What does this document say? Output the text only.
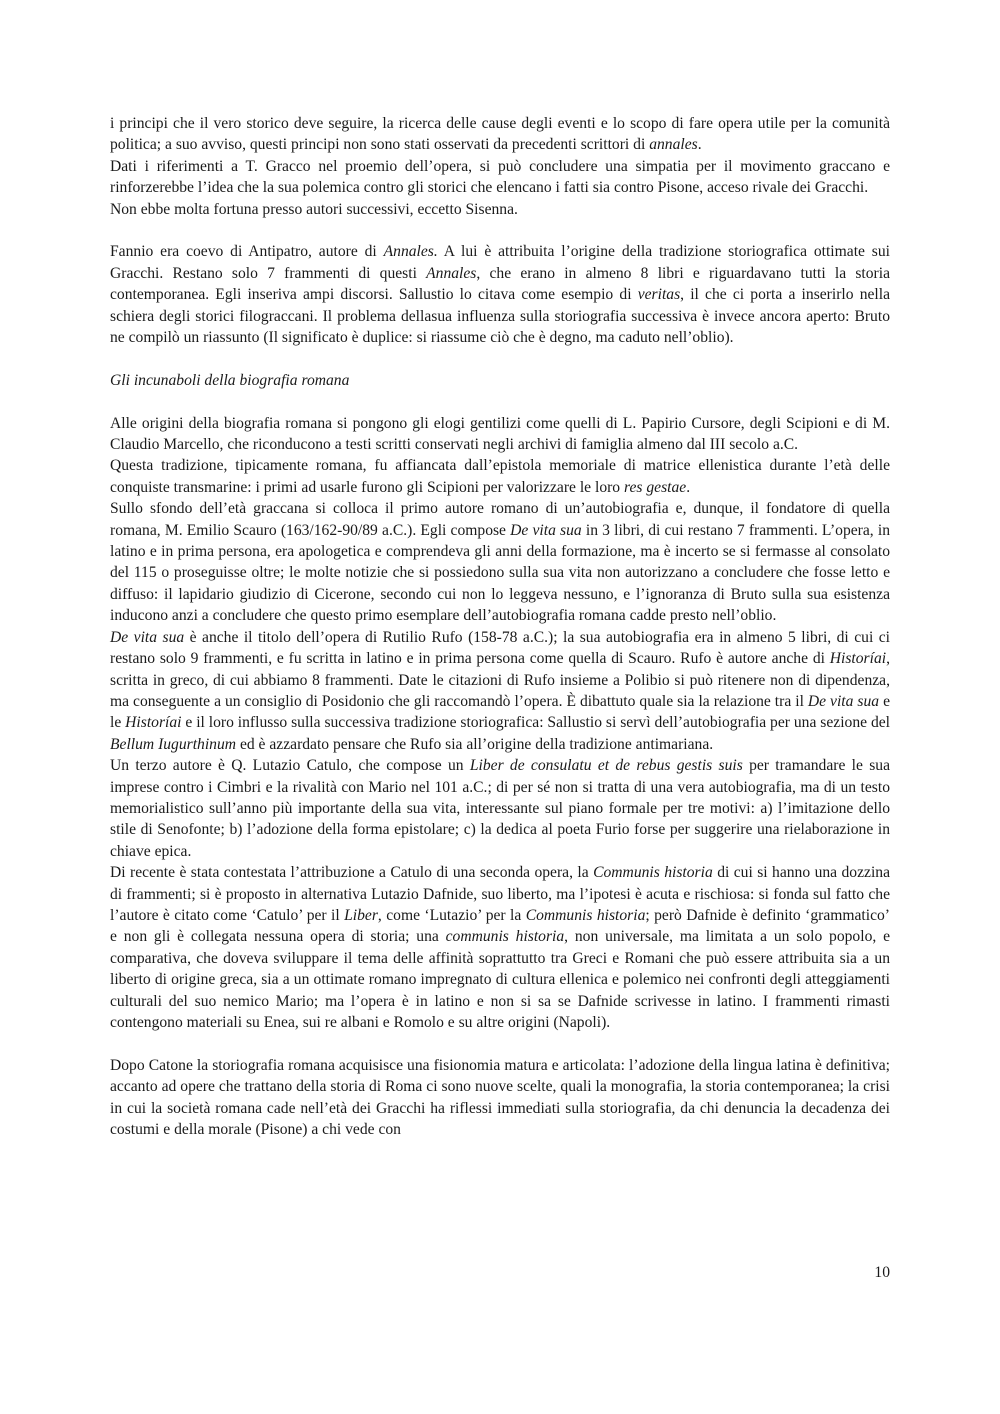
i principi che il vero storico deve seguire, la ricerca delle cause degli eventi e lo scopo di fare opera utile per la comunità politica; a suo avviso, questi principi non sono stati osservati da precedenti scrittori di annales.

Dati i riferimenti a T. Gracco nel proemio dell’opera, si può concludere una simpatia per il movimento graccano e rinforzerebbe l’idea che la sua polemica contro gli storici che elencano i fatti sia contro Pisone, acceso rivale dei Gracchi.

Non ebbe molta fortuna presso autori successivi, eccetto Sisenna.

Fannio era coevo di Antipatro, autore di Annales. A lui è attribuita l’origine della tradizione storiografica ottimate sui Gracchi. Restano solo 7 frammenti di questi Annales, che erano in almeno 8 libri e riguardavano tutti la storia contemporanea. Egli inseriva ampi discorsi. Sallustio lo citava come esempio di veritas, il che ci porta a inserirlo nella schiera degli storici filograccani. Il problema dellasua influenza sulla storiografia successiva è invece ancora aperto: Bruto ne compilò un riassunto (Il significato è duplice: si riassume ciò che è degno, ma caduto nell’oblio).

Gli incunaboli della biografia romana

Alle origini della biografia romana si pongono gli elogi gentilizi come quelli di L. Papirio Cursore, degli Scipioni e di M. Claudio Marcello, che riconducono a testi scritti conservati negli archivi di famiglia almeno dal III secolo a.C.

Questa tradizione, tipicamente romana, fu affiancata dall’epistola memoriale di matrice ellenistica durante l’età delle conquiste transmarine: i primi ad usarle furono gli Scipioni per valorizzare le loro res gestae.

Sullo sfondo dell’età graccana si colloca il primo autore romano di un’autobiografia e, dunque, il fondatore di quella romana, M. Emilio Scauro (163/162-90/89 a.C.). Egli compose De vita sua in 3 libri, di cui restano 7 frammenti. L’opera, in latino e in prima persona, era apologetica e comprendeva gli anni della formazione, ma è incerto se si fermasse al consolato del 115 o proseguisse oltre; le molte notizie che si possiedono sulla sua vita non autorizzano a concludere che fosse letto e diffuso: il lapidario giudizio di Cicerone, secondo cui non lo leggeva nessuno, e l’ignoranza di Bruto sulla sua esistenza inducono anzi a concludere che questo primo esemplare dell’autobiografia romana cadde presto nell’oblio.

De vita sua è anche il titolo dell’opera di Rutilio Rufo (158-78 a.C.); la sua autobiografia era in almeno 5 libri, di cui ci restano solo 9 frammenti, e fu scritta in latino e in prima persona come quella di Scauro. Rufo è autore anche di Historíai, scritta in greco, di cui abbiamo 8 frammenti. Date le citazioni di Rufo insieme a Polibio si può ritenere non di dipendenza, ma conseguente a un consiglio di Posidonio che gli raccomandò l’opera. È dibattuto quale sia la relazione tra il De vita sua e le Historíai e il loro influsso sulla successiva tradizione storiografica: Sallustio si servì dell’autobiografia per una sezione del Bellum Iugurthinum ed è azzardato pensare che Rufo sia all’origine della tradizione antimariana.

Un terzo autore è Q. Lutazio Catulo, che compose un Liber de consulatu et de rebus gestis suis per tramandare le sua imprese contro i Cimbri e la rivalità con Mario nel 101 a.C.; di per sé non si tratta di una vera autobiografia, ma di un testo memorialistico sull’anno più importante della sua vita, interessante sul piano formale per tre motivi: a) l’imitazione dello stile di Senofonte; b) l’adozione della forma epistolare; c) la dedica al poeta Furio forse per suggerire una rielaborazione in chiave epica.

Di recente è stata contestata l’attribuzione a Catulo di una seconda opera, la Communis historia di cui si hanno una dozzina di frammenti; si è proposto in alternativa Lutazio Dafnide, suo liberto, ma l’ipotesi è acuta e rischiosa: si fonda sul fatto che l’autore è citato come ‘Catulo’ per il Liber, come ‘Lutazio’ per la Communis historia; però Dafnide è definito ‘grammatico’ e non gli è collegata nessuna opera di storia; una communis historia, non universale, ma limitata a un solo popolo, e comparativa, che doveva sviluppare il tema delle affinità soprattutto tra Greci e Romani che può essere attribuita sia a un liberto di origine greca, sia a un ottimate romano impregnato di cultura ellenica e polemico nei confronti degli atteggiamenti culturali del suo nemico Mario; ma l’opera è in latino e non si sa se Dafnide scrivesse in latino. I frammenti rimasti contengono materiali su Enea, sui re albani e Romolo e su altre origini (Napoli).

Dopo Catone la storiografia romana acquisisce una fisionomia matura e articolata: l’adozione della lingua latina è definitiva; accanto ad opere che trattano della storia di Roma ci sono nuove scelte, quali la monografia, la storia contemporanea; la crisi in cui la società romana cade nell’età dei Gracchi ha riflessi immediati sulla storiografia, da chi denuncia la decadenza dei costumi e della morale (Pisone) a chi vede con

10
